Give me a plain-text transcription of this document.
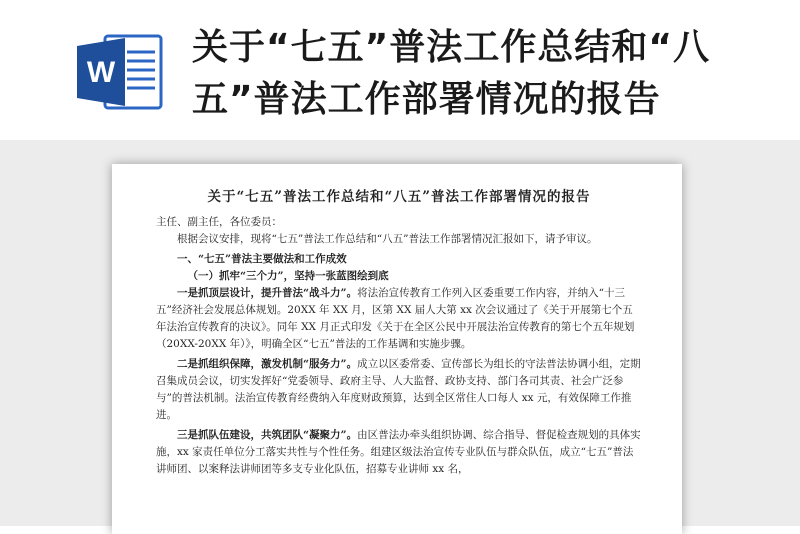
W
关于“七五”普法工作总结和“八五”普法工作部署情况的报告
关于“七五”普法工作总结和“八五”普法工作部署情况的报告

主任、副主任，各位委员：

根据会议安排，现将“七五”普法工作总结和“八五”普法工作部署情况汇报如下，请予审议。

一、“七五”普法主要做法和工作成效

（一）抓牢“三个力”，坚持一张蓝图绘到底

一是抓顶层设计，提升普法“战斗力”。将法治宣传教育工作列入区委重要工作内容，并纳入“十三五”经济社会发展总体规划。20XX 年 XX 月，区第 XX 届人大第 xx 次会议通过了《关于开展第七个五年法治宣传教育的决议》。同年 XX 月正式印发《关于在全区公民中开展法治宣传教育的第七个五年规划（20XX-20XX 年）》，明确全区“七五”普法的工作基调和实施步骤。

二是抓组织保障，激发机制“服务力”。成立以区委常委、宣传部长为组长的守法普法协调小组，定期召集成员会议，切实发挥好“党委领导、政府主导、人大监督、政协支持、部门各司其责、社会广泛参与”的普法机制。法治宣传教育经费纳入年度财政预算，达到全区常住人口每人 xx 元，有效保障工作推进。

三是抓队伍建设，共筑团队“凝聚力”。由区普法办牵头组织协调、综合指导、督促检查规划的具体实施，xx 家责任单位分工落实共性与个性任务。组建区级法治宣传专业队伍与群众队伍，成立“七五”普法讲师团、以案释法讲师团等多支专业化队伍，招募专业讲师 xx 名，
